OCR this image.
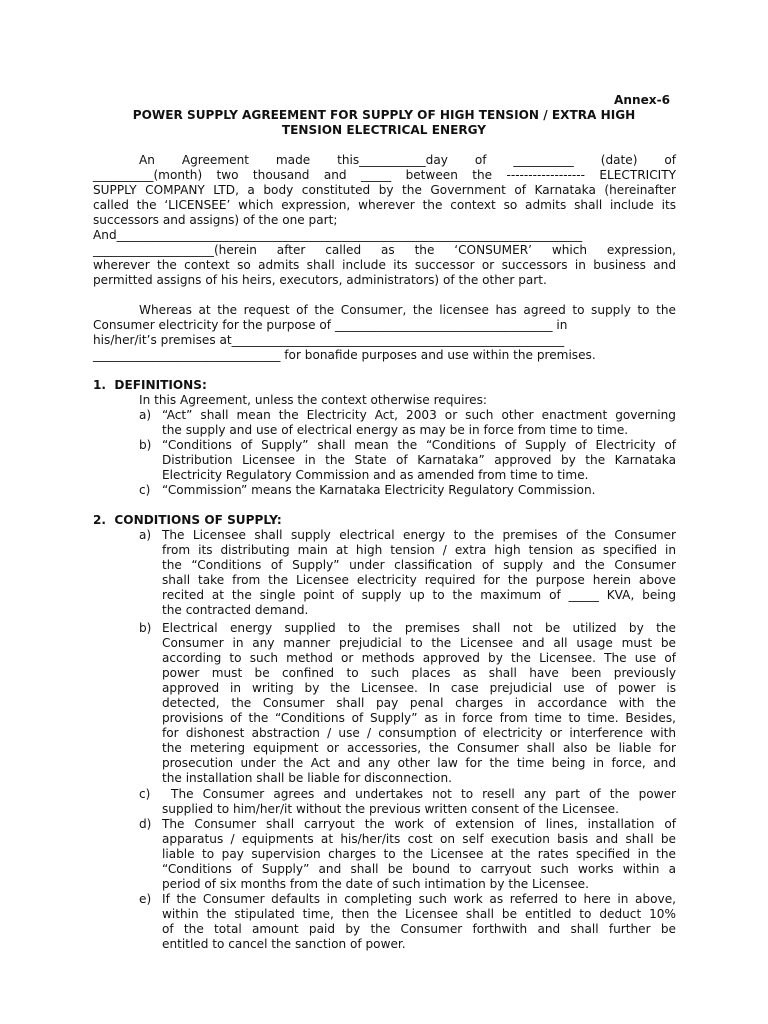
Annex-6
POWER SUPPLY AGREEMENT FOR SUPPLY OF HIGH TENSION / EXTRA HIGH
TENSION ELECTRICAL ENERGY
An    Agreement    made    this___________day    of    __________    (date)    of
__________(month)  two  thousand  and  _____  between  the  ------------------  ELECTRICITY
SUPPLY COMPANY LTD, a body constituted by the Government of Karnataka (hereinafter
called the ‘LICENSEE’ which expression, wherever the context so admits shall include its
successors and assigns) of the one part;
And_____________________________________________________________________________
____________________(herein  after  called  as  the  ‘CONSUMER’  which  expression,
wherever the context so admits shall include its successor or successors in business and
permitted assigns of his heirs, executors, administrators) of the other part.
Whereas at the request of the Consumer, the licensee has agreed to supply to the
Consumer electricity for the purpose of ____________________________________ in
his/her/it’s premises at_______________________________________________________
_______________________________ for bonafide purposes and use within the premises.
1.  DEFINITIONS:
In this Agreement, unless the context otherwise requires:
a) “Act” shall mean the Electricity Act, 2003 or such other enactment governing
the supply and use of electrical energy as may be in force from time to time.
b) “Conditions of Supply” shall mean the “Conditions of Supply of Electricity of
Distribution Licensee in the State of Karnataka” approved by the Karnataka
Electricity Regulatory Commission and as amended from time to time.
c) “Commission” means the Karnataka Electricity Regulatory Commission.
2.  CONDITIONS OF SUPPLY:
a) The Licensee shall supply electrical energy to the premises of the Consumer
from its distributing main at high tension / extra high tension as specified in
the “Conditions of Supply” under classification of supply and the Consumer
shall take from the Licensee electricity required for the purpose herein above
recited at the single point of supply up to the maximum of _____ KVA, being
the contracted demand.
b) Electrical energy supplied to the premises shall not be utilized by the
Consumer in any manner prejudicial to the Licensee and all usage must be
according to such method or methods approved by the Licensee. The use of
power must be confined to such places as shall have been previously
approved in writing by the Licensee. In case prejudicial use of power is
detected, the Consumer shall pay penal charges in accordance with the
provisions of the “Conditions of Supply” as in force from time to time. Besides,
for dishonest abstraction / use / consumption of electricity or interference with
the metering equipment or accessories, the Consumer shall also be liable for
prosecution under the Act and any other law for the time being in force, and
the installation shall be liable for disconnection.
c) The Consumer agrees and undertakes not to resell any part of the power
supplied to him/her/it without the previous written consent of the Licensee.
d) The Consumer shall carryout the work of extension of lines, installation of
apparatus / equipments at his/her/its cost on self execution basis and shall be
liable to pay supervision charges to the Licensee at the rates specified in the
“Conditions of Supply” and shall be bound to carryout such works within a
period of six months from the date of such intimation by the Licensee.
e) If the Consumer defaults in completing such work as referred to here in above,
within the stipulated time, then the Licensee shall be entitled to deduct 10%
of the total amount paid by the Consumer forthwith and shall further be
entitled to cancel the sanction of power.
